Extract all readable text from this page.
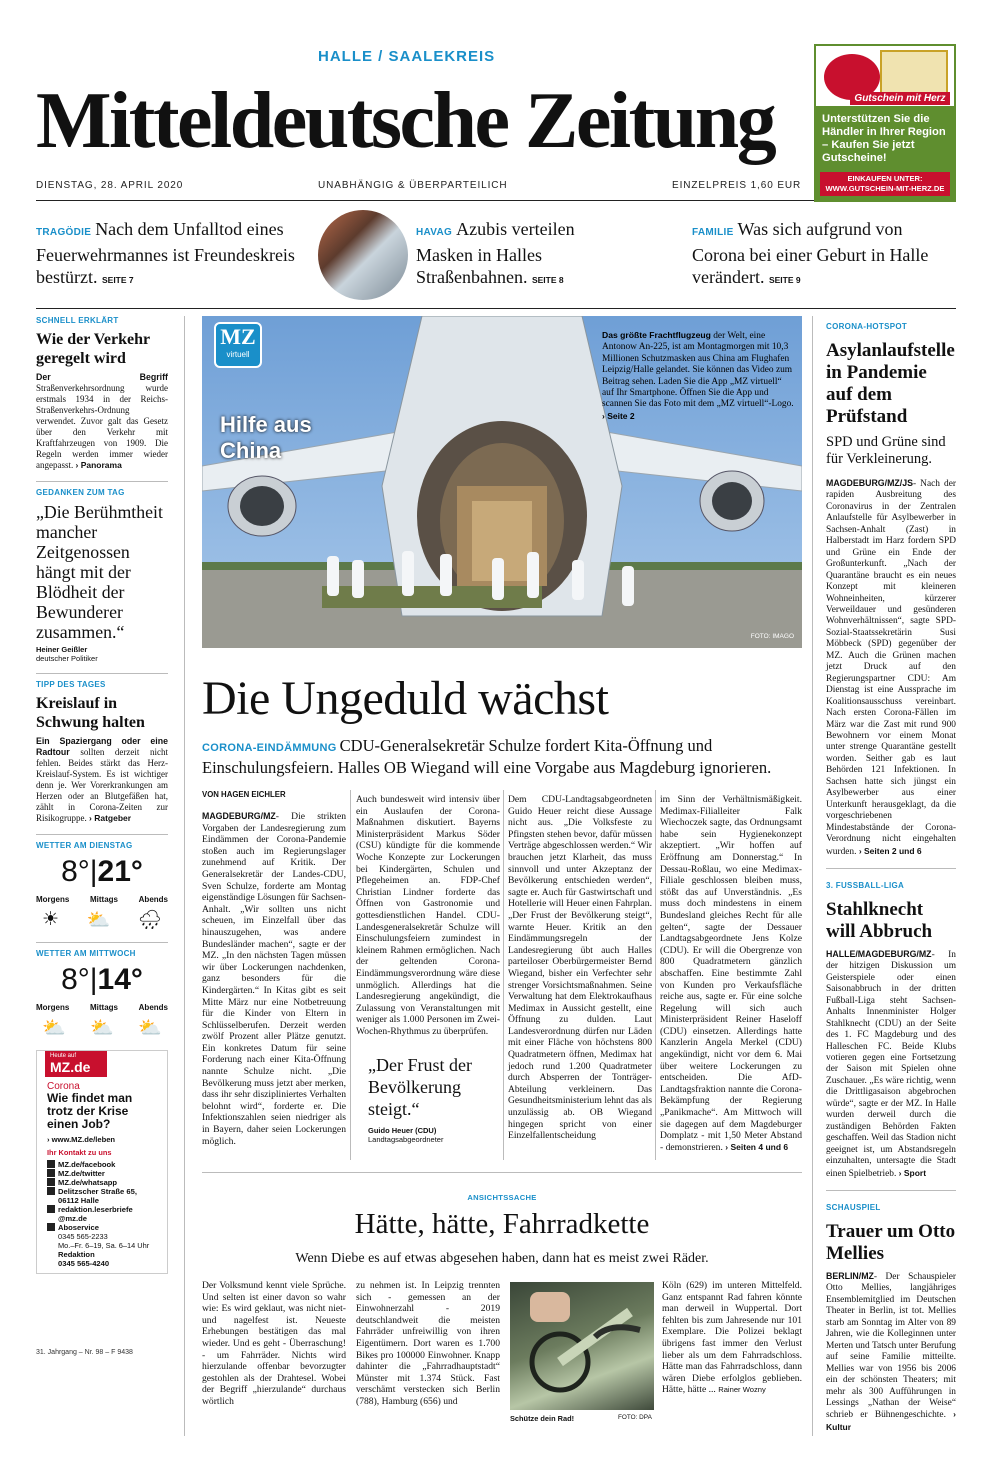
HALLE / SAALEKREIS
Mitteldeutsche Zeitung
DIENSTAG, 28. APRIL 2020	UNABHÄNGIG & ÜBERPARTEILICH	EINZELPREIS 1,60 EUR
Gutschein mit Herz
Unterstützen Sie die Händler in Ihrer Region – Kaufen Sie jetzt Gutscheine!
EINKAUFEN UNTER:
WWW.GUTSCHEIN-MIT-HERZ.DE
TRAGÖDIE Nach dem Unfalltod eines Feuerwehrmannes ist Freundeskreis bestürzt. SEITE 7
HAVAG Azubis verteilen Masken in Halles Straßenbahnen. SEITE 8
FAMILIE Was sich aufgrund von Corona bei einer Geburt in Halle verändert. SEITE 9
SCHNELL ERKLÄRT
Wie der Verkehr geregelt wird
Der Begriff Straßenverkehrsordnung wurde erstmals 1934 in der Reichs-Straßenverkehrs-Ordnung verwendet. Zuvor galt das Gesetz über den Verkehr mit Kraftfahrzeugen von 1909. Die Regeln werden immer wieder angepasst. › Panorama
GEDANKEN ZUM TAG
„Die Berühmtheit mancher Zeitgenossen hängt mit der Blödheit der Bewunderer zusammen.“
Heiner Geißler
deutscher Politiker
TIPP DES TAGES
Kreislauf in Schwung halten
Ein Spaziergang oder eine Radtour sollten derzeit nicht fehlen. Beides stärkt das Herz-Kreislauf-System. Es ist wichtiger denn je. Wer Vorerkrankungen am Herzen oder an Blutgefäßen hat, zählt in Corona-Zeiten zur Risikogruppe. › Ratgeber
WETTER AM DIENSTAG
8°|21°
Morgens	Mittags	Abends
☀ ⛅ 🌧
WETTER AM MITTWOCH
8°|14°
Morgens	Mittags	Abends
⛅ ⛅ ⛅
Heute auf
MZ.de
Corona
Wie findet man trotz der Krise einen Job?
› www.MZ.de/leben
Ihr Kontakt zu uns
MZ.de/facebook
MZ.de/twitter
MZ.de/whatsapp
Delitzscher Straße 65,
06112 Halle
redaktion.leserbriefe
@mz.de
Aboservice
0345 565-2233
Mo.–Fr. 6–19, Sa. 6–14 Uhr
Redaktion
0345 565-4240
31. Jahrgang – Nr. 98 – F 9438
MZ
virtuell
Hilfe aus China
FOTO: IMAGO
Das größte Frachtflugzeug der Welt, eine Antonow An-225, ist am Montagmorgen mit 10,3 Millionen Schutzmasken aus China am Flughafen Leipzig/Halle gelandet. Sie können das Video zum Beitrag sehen. Laden Sie die App „MZ virtuell“ auf Ihr Smartphone. Öffnen Sie die App und scannen Sie das Foto mit dem „MZ virtuell“-Logo. › Seite 2
Die Ungeduld wächst
CORONA-EINDÄMMUNG CDU-Generalsekretär Schulze fordert Kita-Öffnung und Einschulungsfeiern. Halles OB Wiegand will eine Vorgabe aus Magdeburg ignorieren.
VON HAGEN EICHLER
MAGDEBURG/MZ- Die strikten Vorgaben der Landesregierung zum Eindämmen der Corona-Pandemie stoßen auch im Regierungslager zunehmend auf Kritik. Der Generalsekretär der Landes-CDU, Sven Schulze, forderte am Montag eigenständige Lösungen für Sachsen-Anhalt. „Wir sollten uns nicht scheuen, im Einzelfall über das hinauszugehen, was andere Bundesländer machen“, sagte er der MZ. „In den nächsten Tagen müssen wir über Lockerungen nachdenken, ganz besonders für die Kindergärten.“ In Kitas gibt es seit Mitte März nur eine Notbetreuung für die Kinder von Eltern in Schlüsselberufen. Derzeit werden zwölf Prozent aller Plätze genutzt. Ein konkretes Datum für seine Forderung nach einer Kita-Öffnung nannte Schulze nicht. „Die Bevölkerung muss jetzt aber merken, dass ihr sehr diszipliniertes Verhalten belohnt wird“, forderte er. Die Infektionszahlen seien niedriger als in Bayern, daher seien Lockerungen möglich.
Auch bundesweit wird intensiv über ein Auslaufen der Corona-Maßnahmen diskutiert. Bayerns Ministerpräsident Markus Söder (CSU) kündigte für die kommende Woche Konzepte zur Lockerungen bei Kindergärten, Schulen und Pflegeheimen an. FDP-Chef Christian Lindner forderte das Öffnen von Gastronomie und gottesdienstlichen Handel. CDU-Landesgeneralsekretär Schulze will Einschulungsfeiern zumindest in kleinem Rahmen ermöglichen. Nach der geltenden Corona-Eindämmungsverordnung wäre diese unmöglich. Allerdings hat die Landesregierung angekündigt, die Zulassung von Veranstaltungen mit weniger als 1.000 Personen im Zwei-Wochen-Rhythmus zu überprüfen.
„Der Frust der Bevölkerung steigt.“
Guido Heuer (CDU)
Landtagsabgeordneter
Dem CDU-Landtagsabgeordneten Guido Heuer reicht diese Aussage nicht aus. „Die Volksfeste zu Pfingsten stehen bevor, dafür müssen Verträge abgeschlossen werden.“ Wir brauchen jetzt Klarheit, das muss sinnvoll und unter Akzeptanz der Bevölkerung entschieden werden“, sagte er. Auch für Gastwirtschaft und Hotellerie will Heuer einen Fahrplan. „Der Frust der Bevölkerung steigt“, warnte Heuer. Kritik an den Eindämmungsregeln der Landesregierung übt auch Halles parteiloser Oberbürgermeister Bernd Wiegand, bisher ein Verfechter sehr strenger Vorsichtsmaßnahmen. Seine Verwaltung hat dem Elektrokaufhaus Medimax in Aussicht gestellt, eine Öffnung zu dulden. Laut Landesverordnung dürfen nur Läden mit einer Fläche von höchstens 800 Quadratmetern öffnen, Medimax hat jedoch rund 1.200 Quadratmeter durch Absperren der Tonträger-Abteilung verkleinern. Das Gesundheitsministerium lehnt das als unzulässig ab. OB Wiegand hingegen spricht von einer Einzelfallentscheidung
im Sinn der Verhältnismäßigkeit. Medimax-Filialleiter Falk Wiechoczek sagte, das Ordnungsamt habe sein Hygienekonzept akzeptiert. „Wir hoffen auf Eröffnung am Donnerstag.“ In Dessau-Roßlau, wo eine Medimax-Filiale geschlossen bleiben muss, stößt das auf Unverständnis. „Es muss doch mindestens in einem Bundesland gleiches Recht für alle gelten“, sagte der Dessauer Landtagsabgeordnete Jens Kolze (CDU). Er will die Obergrenze von 800 Quadratmetern gänzlich abschaffen. Eine bestimmte Zahl von Kunden pro Verkaufsfläche reiche aus, sagte er. Für eine solche Regelung will sich auch Ministerpräsident Reiner Haseloff (CDU) einsetzen. Allerdings hatte Kanzlerin Angela Merkel (CDU) angekündigt, nicht vor dem 6. Mai über weitere Lockerungen zu entscheiden. Die AfD-Landtagsfraktion nannte die Corona-Bekämpfung der Regierung „Panikmache“. Am Mittwoch will sie dagegen auf dem Magdeburger Domplatz - mit 1,50 Meter Abstand - demonstrieren. › Seiten 4 und 6
ANSICHTSSACHE
Hätte, hätte, Fahrradkette
Wenn Diebe es auf etwas abgesehen haben, dann hat es meist zwei Räder.
Der Volksmund kennt viele Sprüche. Und selten ist einer davon so wahr wie: Es wird geklaut, was nicht niet- und nagelfest ist. Neueste Erhebungen bestätigen das mal wieder. Und es geht - Überraschung! - um Fahrräder. Nichts wird hierzulande offenbar bevorzugter gestohlen als der Drahtesel. Wobei der Begriff „hierzulande“ durchaus wörtlich
zu nehmen ist. In Leipzig trennten sich - gemessen an der Einwohnerzahl - 2019 deutschlandweit die meisten Fahrräder unfreiwillig von ihren Eigentümern. Dort waren es 1.700 Bikes pro 100000 Einwohner. Knapp dahinter die „Fahrradhauptstadt“ Münster mit 1.374 Stück. Fast verschämt verstecken sich Berlin (788), Hamburg (656) und
Schütze dein Rad!	FOTO: DPA
Köln (629) im unteren Mittelfeld. Ganz entspannt Rad fahren könnte man derweil in Wuppertal. Dort fehlten bis zum Jahresende nur 101 Exemplare. Die Polizei beklagt übrigens fast immer den Verlust lieber als um dem Fahrradschloss. Hätte man das Fahrradschloss, dann wären Diebe erfolglos geblieben. Hätte, hätte ... Rainer Wozny
CORONA-HOTSPOT
Asylanlaufstelle in Pandemie auf dem Prüfstand
SPD und Grüne sind für Verkleinerung.
MAGDEBURG/MZ/JS- Nach der rapiden Ausbreitung des Coronavirus in der Zentralen Anlaufstelle für Asylbewerber in Sachsen-Anhalt (Zast) in Halberstadt im Harz fordern SPD und Grüne ein Ende der Großunterkunft. „Nach der Quarantäne braucht es ein neues Konzept mit kleineren Wohneinheiten, kürzerer Verweildauer und gesünderen Wohnverhältnissen“, sagte SPD-Sozial-Staatssekretärin Susi Möbbeck (SPD) gegenüber der MZ. Auch die Grünen machen jetzt Druck auf den Regierungspartner CDU: Am Dienstag ist eine Aussprache im Koalitionsausschuss vereinbart. Nach ersten Corona-Fällen im März war die Zast mit rund 900 Bewohnern vor einem Monat unter strenge Quarantäne gestellt worden. Seither gab es laut Behörden 121 Infektionen. In Sachsen hatte sich jüngst ein Asylbewerber aus einer Unterkunft herausgeklagt, da die vorgeschriebenen Mindestabstände der Corona-Verordnung nicht eingehalten wurden. › Seiten 2 und 6
3. FUSSBALL-LIGA
Stahlknecht will Abbruch
HALLE/MAGDEBURG/MZ- In der hitzigen Diskussion um Geisterspiele oder einen Saisonabbruch in der dritten Fußball-Liga steht Sachsen-Anhalts Innenminister Holger Stahlknecht (CDU) an der Seite des 1. FC Magdeburg und des Halleschen FC. Beide Klubs votieren gegen eine Fortsetzung der Saison mit Spielen ohne Zuschauer. „Es wäre richtig, wenn die Drittligasaison abgebrochen würde“, sagte er der MZ. In Halle wurden derweil durch die zuständigen Behörden Fakten geschaffen. Weil das Stadion nicht geeignet ist, um Abstandsregeln einzuhalten, untersagte die Stadt einen Spielbetrieb. › Sport
SCHAUSPIEL
Trauer um Otto Mellies
BERLIN/MZ- Der Schauspieler Otto Mellies, langjähriges Ensemblemitglied im Deutschen Theater in Berlin, ist tot. Mellies starb am Sonntag im Alter von 89 Jahren, wie die Kolleginnen unter Merten und Tatsch unter Berufung auf seine Familie mitteilte. Mellies war von 1956 bis 2006 ein der schönsten Theaters; mit mehr als 300 Aufführungen in Lessings „Nathan der Weise“ schrieb er Bühnengeschichte. › Kultur
